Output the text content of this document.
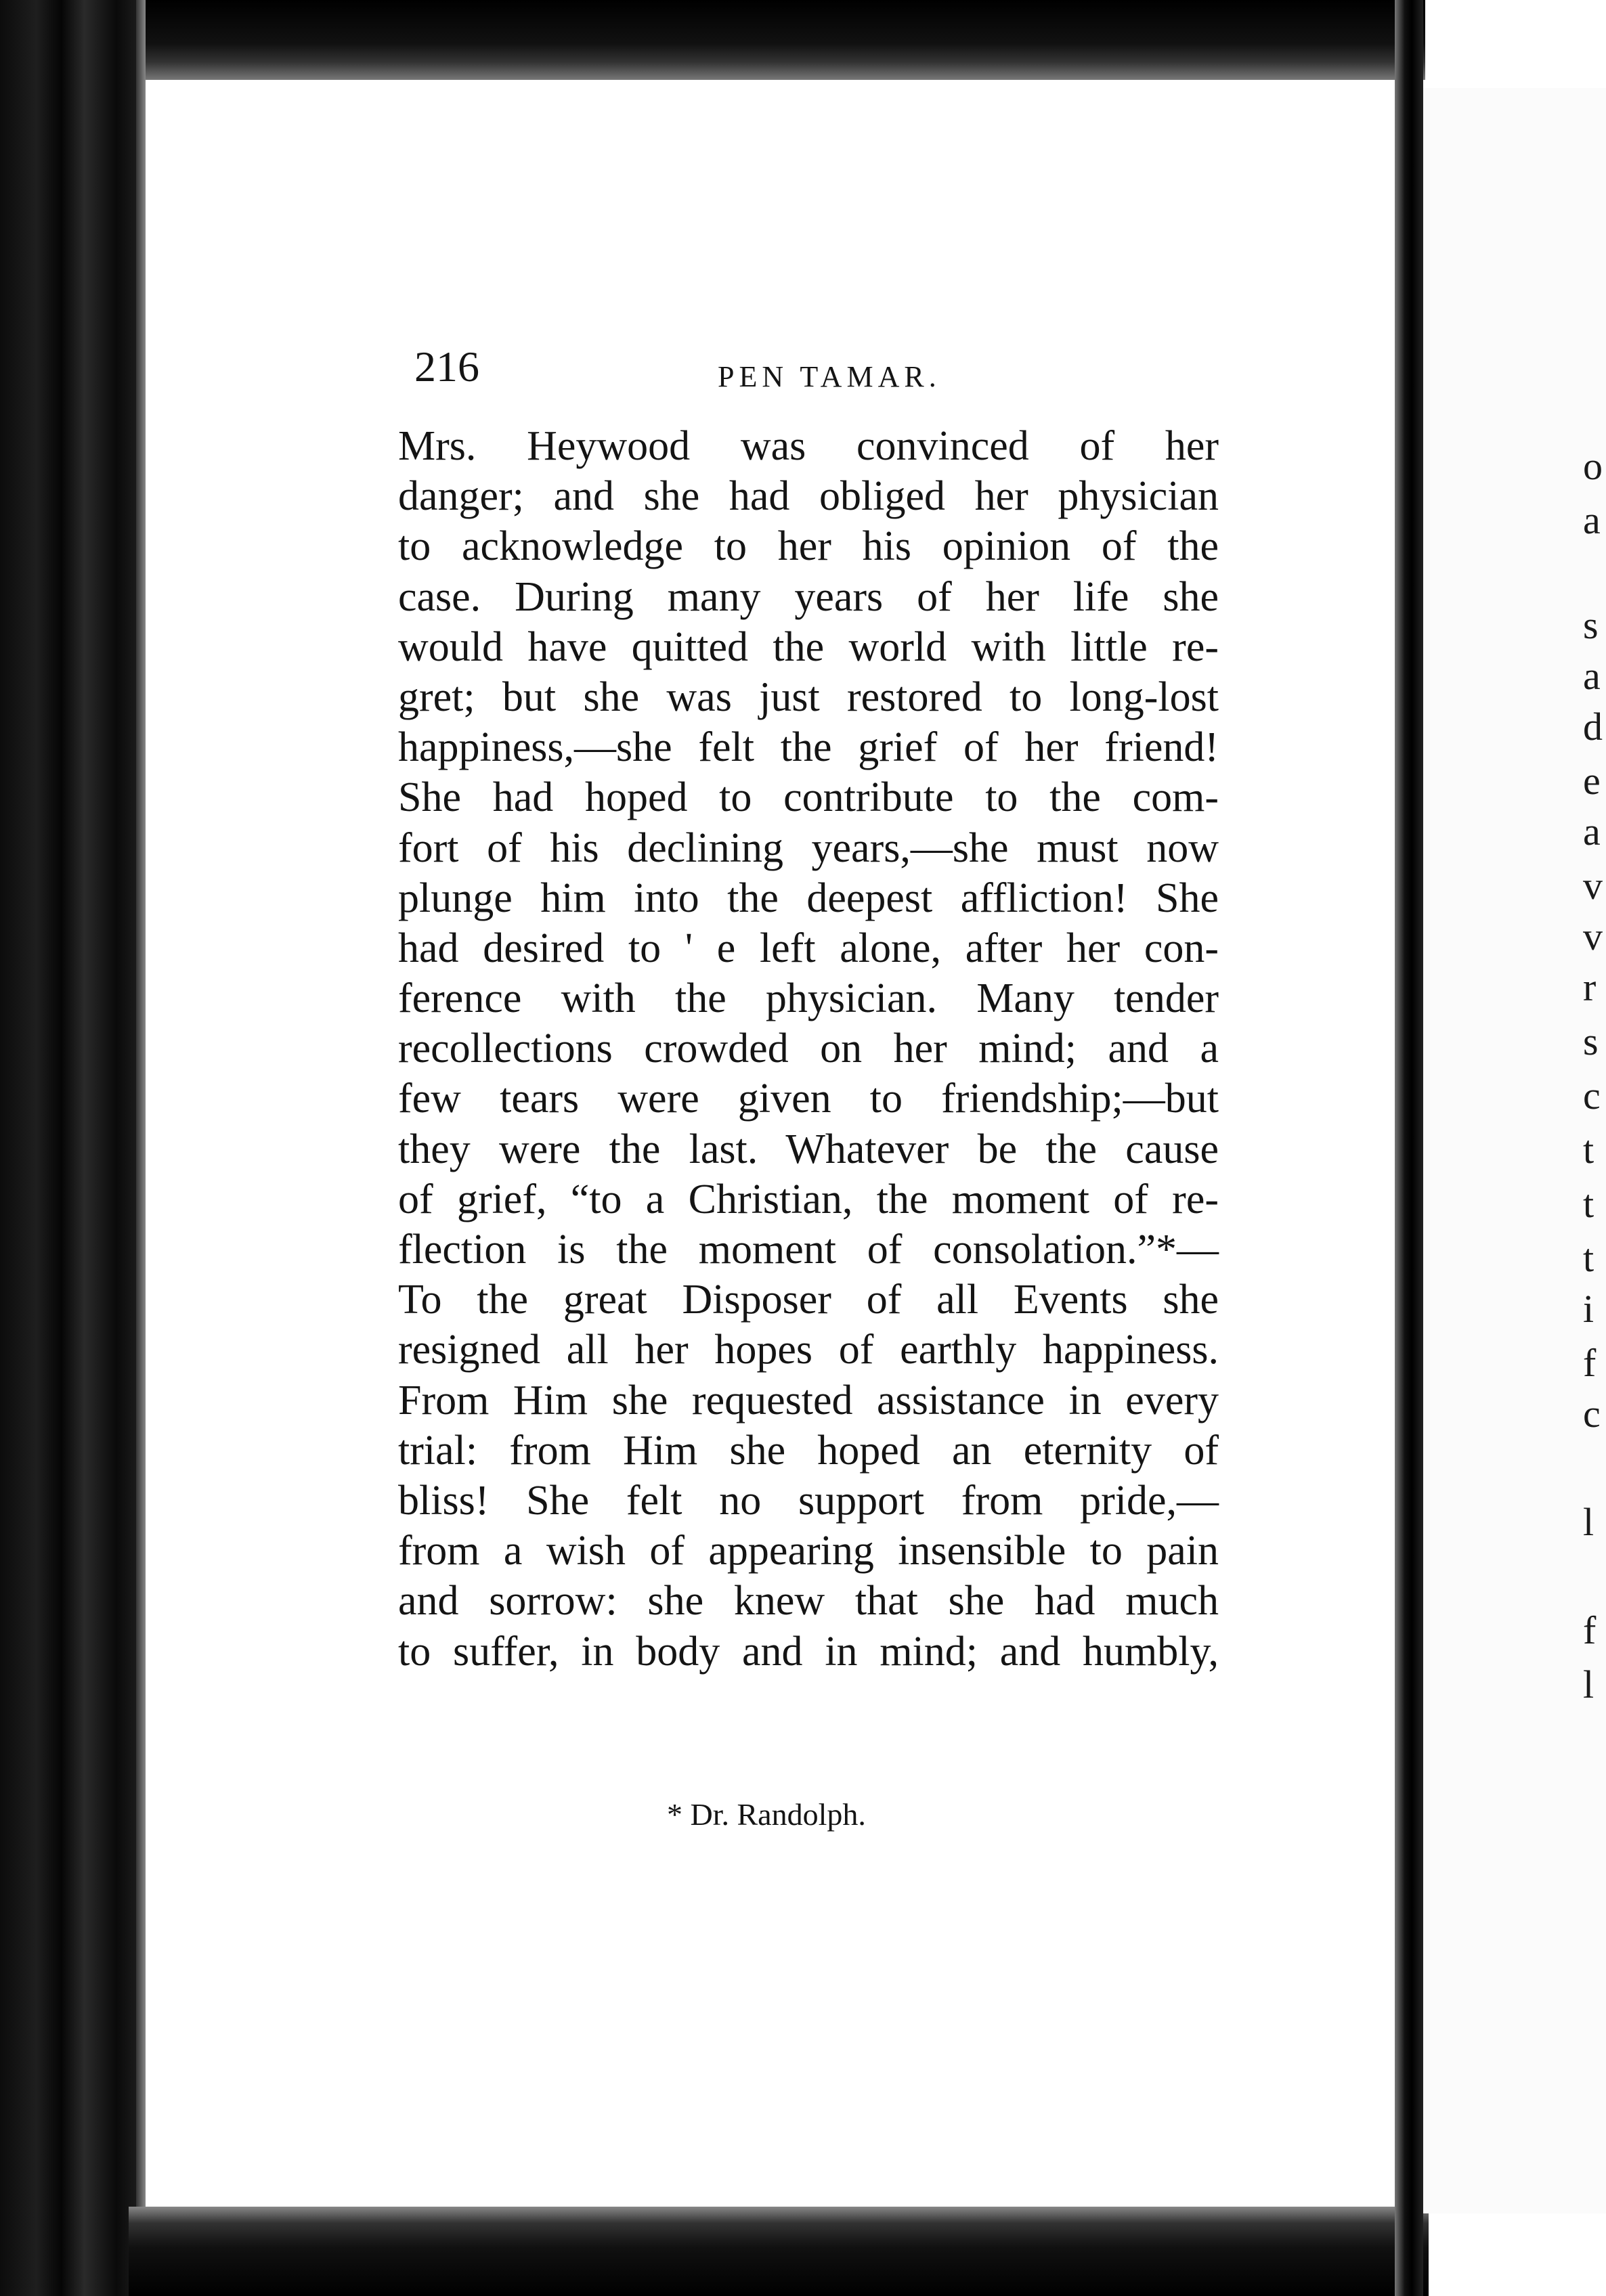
o
a
s
a
d
e
a
v
v
r
s
c
t
t
t
i
f
c
l
f
l
216	PEN TAMAR.
Mrs. Heywood was convinced of her
danger; and she had obliged her physician
to acknowledge to her his opinion of the
case. During many years of her life she
would have quitted the world with little re-
gret; but she was just restored to long-lost
happiness,—she felt the grief of her friend!
She had hoped to contribute to the com-
fort of his declining years,—she must now
plunge him into the deepest affliction! She
had desired to ' e left alone, after her con-
ference with the physician. Many tender
recollections crowded on her mind; and a
few tears were given to friendship;—but
they were the last. Whatever be the cause
of grief, “to a Christian, the moment of re-
flection is the moment of consolation.”*—
To the great Disposer of all Events she
resigned all her hopes of earthly happiness.
From Him she requested assistance in every
trial: from Him she hoped an eternity of
bliss! She felt no support from pride,—
from a wish of appearing insensible to pain
and sorrow: she knew that she had much
to suffer, in body and in mind; and humbly,

* Dr. Randolph.
